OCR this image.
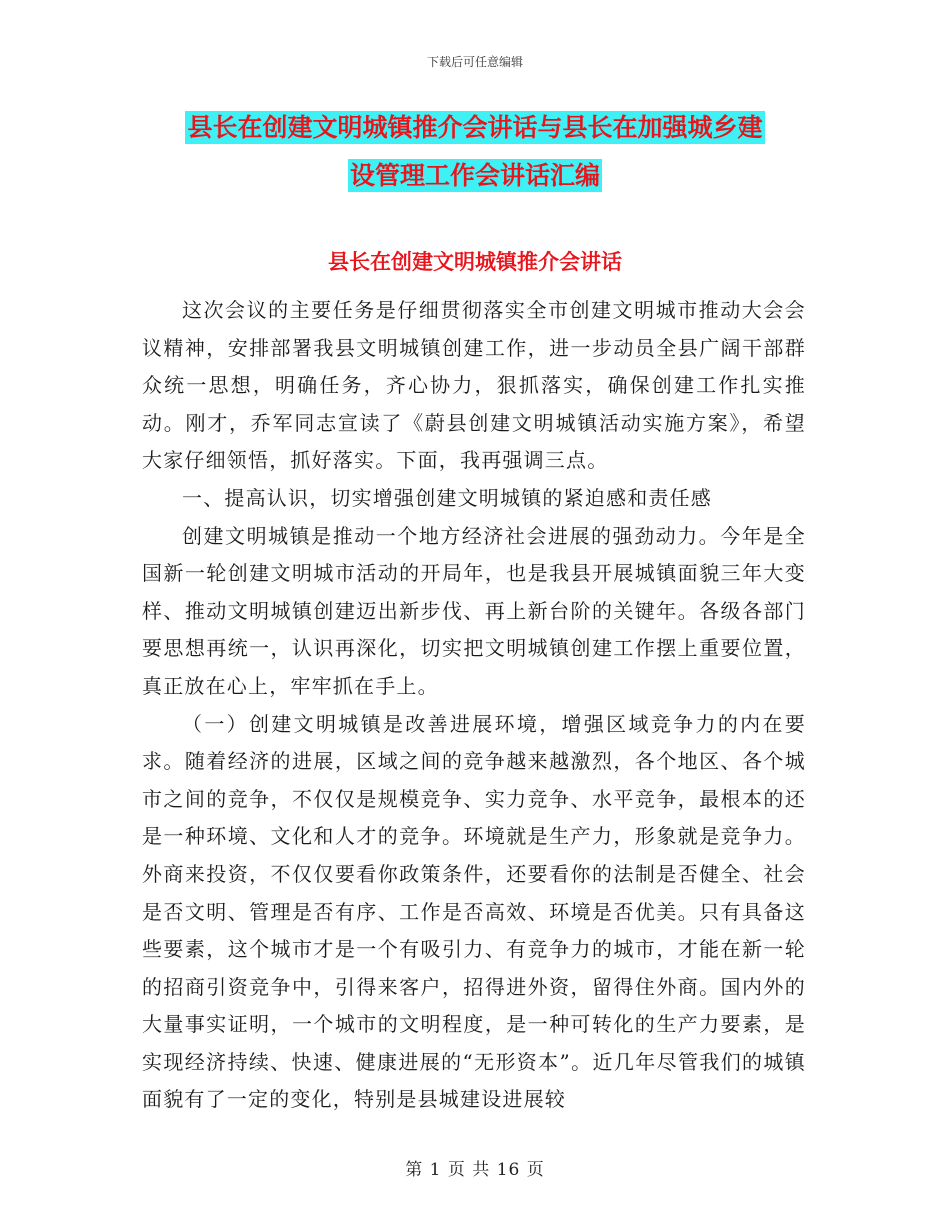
下载后可任意编辑
县长在创建文明城镇推介会讲话与县长在加强城乡建
设管理工作会讲话汇编
县长在创建文明城镇推介会讲话

这次会议的主要任务是仔细贯彻落实全市创建文明城市推动大会会议精神，安排部署我县文明城镇创建工作，进一步动员全县广阔干部群众统一思想，明确任务，齐心协力，狠抓落实，确保创建工作扎实推动。刚才，乔军同志宣读了《蔚县创建文明城镇活动实施方案》，希望大家仔细领悟，抓好落实。下面，我再强调三点。

一、提高认识，切实增强创建文明城镇的紧迫感和责任感

创建文明城镇是推动一个地方经济社会进展的强劲动力。今年是全国新一轮创建文明城市活动的开局年，也是我县开展城镇面貌三年大变样、推动文明城镇创建迈出新步伐、再上新台阶的关键年。各级各部门要思想再统一，认识再深化，切实把文明城镇创建工作摆上重要位置，真正放在心上，牢牢抓在手上。

（一）创建文明城镇是改善进展环境，增强区域竞争力的内在要求。随着经济的进展，区域之间的竞争越来越激烈，各个地区、各个城市之间的竞争，不仅仅是规模竞争、实力竞争、水平竞争，最根本的还是一种环境、文化和人才的竞争。环境就是生产力，形象就是竞争力。外商来投资，不仅仅要看你政策条件，还要看你的法制是否健全、社会是否文明、管理是否有序、工作是否高效、环境是否优美。只有具备这些要素，这个城市才是一个有吸引力、有竞争力的城市，才能在新一轮的招商引资竞争中，引得来客户，招得进外资，留得住外商。国内外的大量事实证明，一个城市的文明程度，是一种可转化的生产力要素，是实现经济持续、快速、健康进展的“无形资本”。近几年尽管我们的城镇面貌有了一定的变化，特别是县城建设进展较

第 1 页 共 16 页
